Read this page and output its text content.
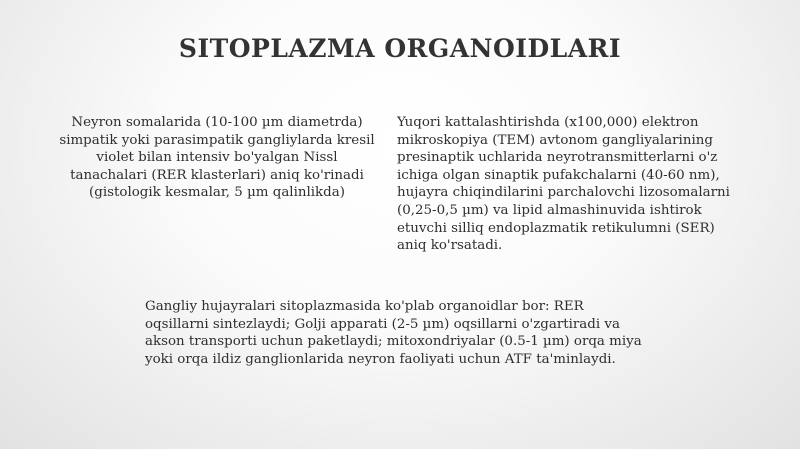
SITOPLAZMA ORGANOIDLARI

Neyron somalarida (10-100 µm diametrda) simpatik yoki parasimpatik gangliylarda kresil violet bilan intensiv bo'yalgan Nissl tanachalari (RER klasterlari) aniq ko'rinadi (gistologik kesmalar, 5 µm qalinlikda)

Yuqori kattalashtirishda (x100,000) elektron mikroskopiya (TEM) avtonom gangliyalarining presinaptik uchlarida neyrotransmitterlarni o'z ichiga olgan sinaptik pufakchalarni (40-60 nm), hujayra chiqindilarini parchalovchi lizosomalarni (0,25-0,5 µm) va lipid almashinuvida ishtirok etuvchi silliq endoplazmatik retikulumni (SER) aniq ko'rsatadi.

Gangliy hujayralari sitoplazmasida ko'plab organoidlar bor: RER oqsillarni sintezlaydi; Golji apparati (2-5 µm) oqsillarni o'zgartiradi va akson transporti uchun paketlaydi; mitoxondriyalar (0.5-1 µm) orqa miya yoki orqa ildiz ganglionlarida neyron faoliyati uchun ATF ta'minlaydi.
